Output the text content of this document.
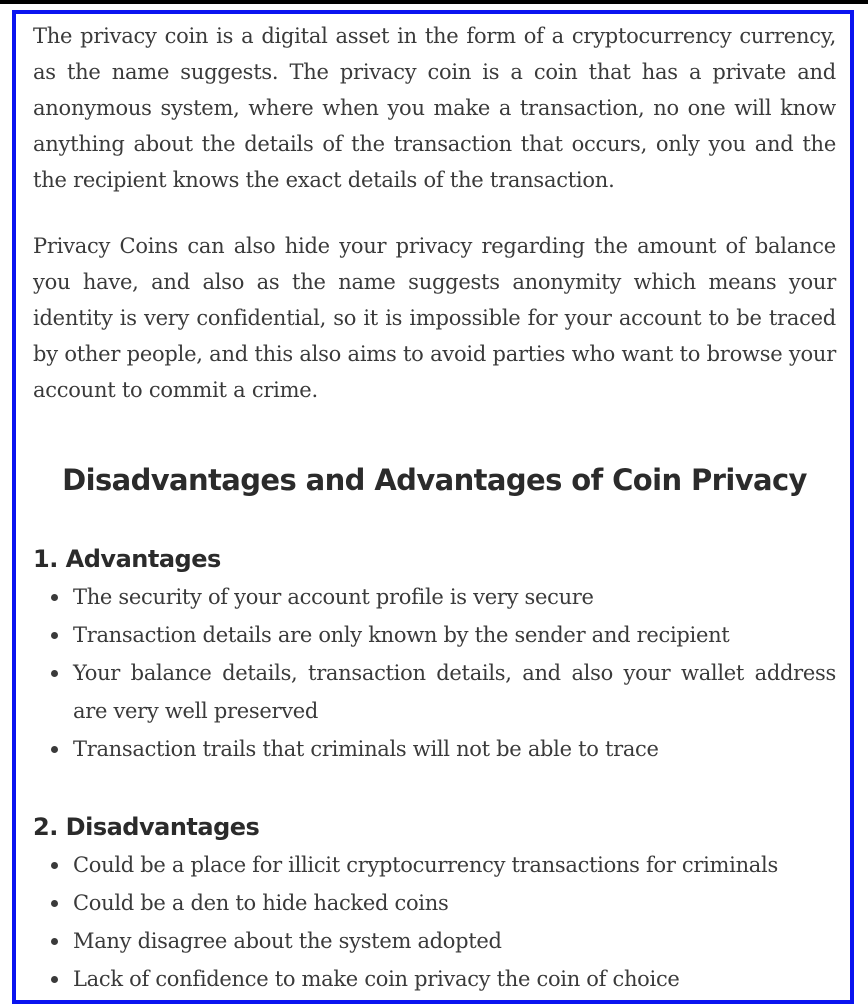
The privacy coin is a digital asset in the form of a cryptocurrency currency, as the name suggests. The privacy coin is a coin that has a private and anonymous system, where when you make a transaction, no one will know anything about the details of the transaction that occurs, only you and the the recipient knows the exact details of the transaction.

Privacy Coins can also hide your privacy regarding the amount of balance you have, and also as the name suggests anonymity which means your identity is very confidential, so it is impossible for your account to be traced by other people, and this also aims to avoid parties who want to browse your account to commit a crime.

Disadvantages and Advantages of Coin Privacy
1. Advantages
The security of your account profile is very secure
Transaction details are only known by the sender and recipient
Your balance details, transaction details, and also your wallet address are very well preserved
Transaction trails that criminals will not be able to trace
2. Disadvantages
Could be a place for illicit cryptocurrency transactions for criminals
Could be a den to hide hacked coins
Many disagree about the system adopted
Lack of confidence to make coin privacy the coin of choice
